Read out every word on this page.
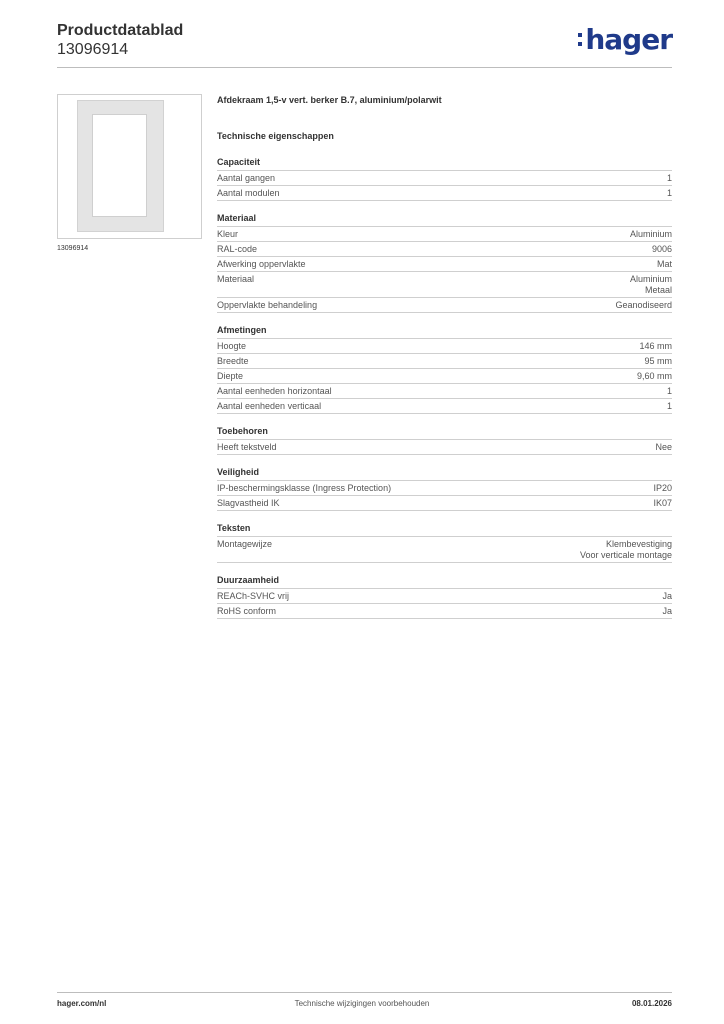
Productdatablad
13096914	hager
13096914
Afdekraam 1,5-v vert. berker B.7, aluminium/polarwit
Technische eigenschappen
Capaciteit
Aantal gangen	1
Aantal modulen	1
Materiaal
Kleur	Aluminium
RAL-code	9006
Afwerking oppervlakte	Mat
Materiaal	Aluminium
Metaal
Oppervlakte behandeling	Geanodiseerd
Afmetingen
Hoogte	146 mm
Breedte	95 mm
Diepte	9,60 mm
Aantal eenheden horizontaal	1
Aantal eenheden verticaal	1
Toebehoren
Heeft tekstveld	Nee
Veiligheid
IP-beschermingsklasse (Ingress Protection)	IP20
Slagvastheid IK	IK07
Teksten
Montagewijze	Klembevestiging
Voor verticale montage
Duurzaamheid
REACh-SVHC vrij	Ja
RoHS conform	Ja
hager.com/nl	Technische wijzigingen voorbehouden	08.01.2026
